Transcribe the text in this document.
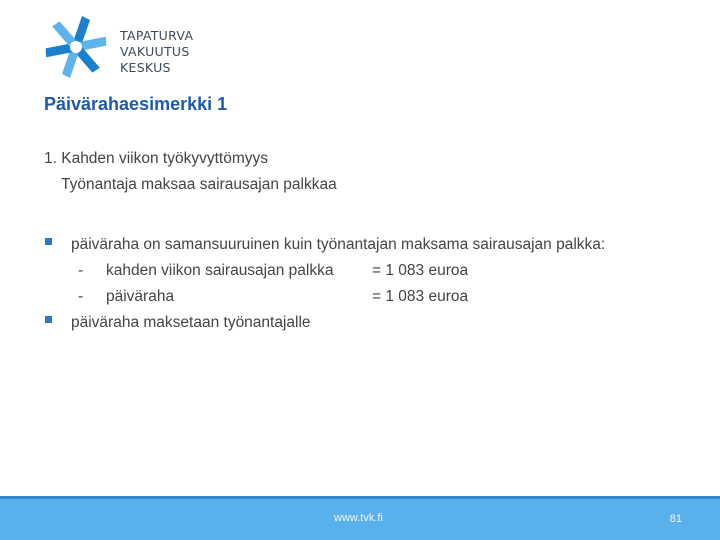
TAPATURVA
VAKUUTUS
KESKUS
Päivärahaesimerkki 1
1. Kahden viikon työkyvyttömyys
Työnantaja maksaa sairausajan palkkaa
päiväraha on samansuuruinen kuin työnantajan maksama sairausajan palkka:
- kahden viikon sairausajan palkka = 1 083 euroa
- päiväraha	= 1 083 euroa
päiväraha maksetaan työnantajalle
www.tvk.fi	81
